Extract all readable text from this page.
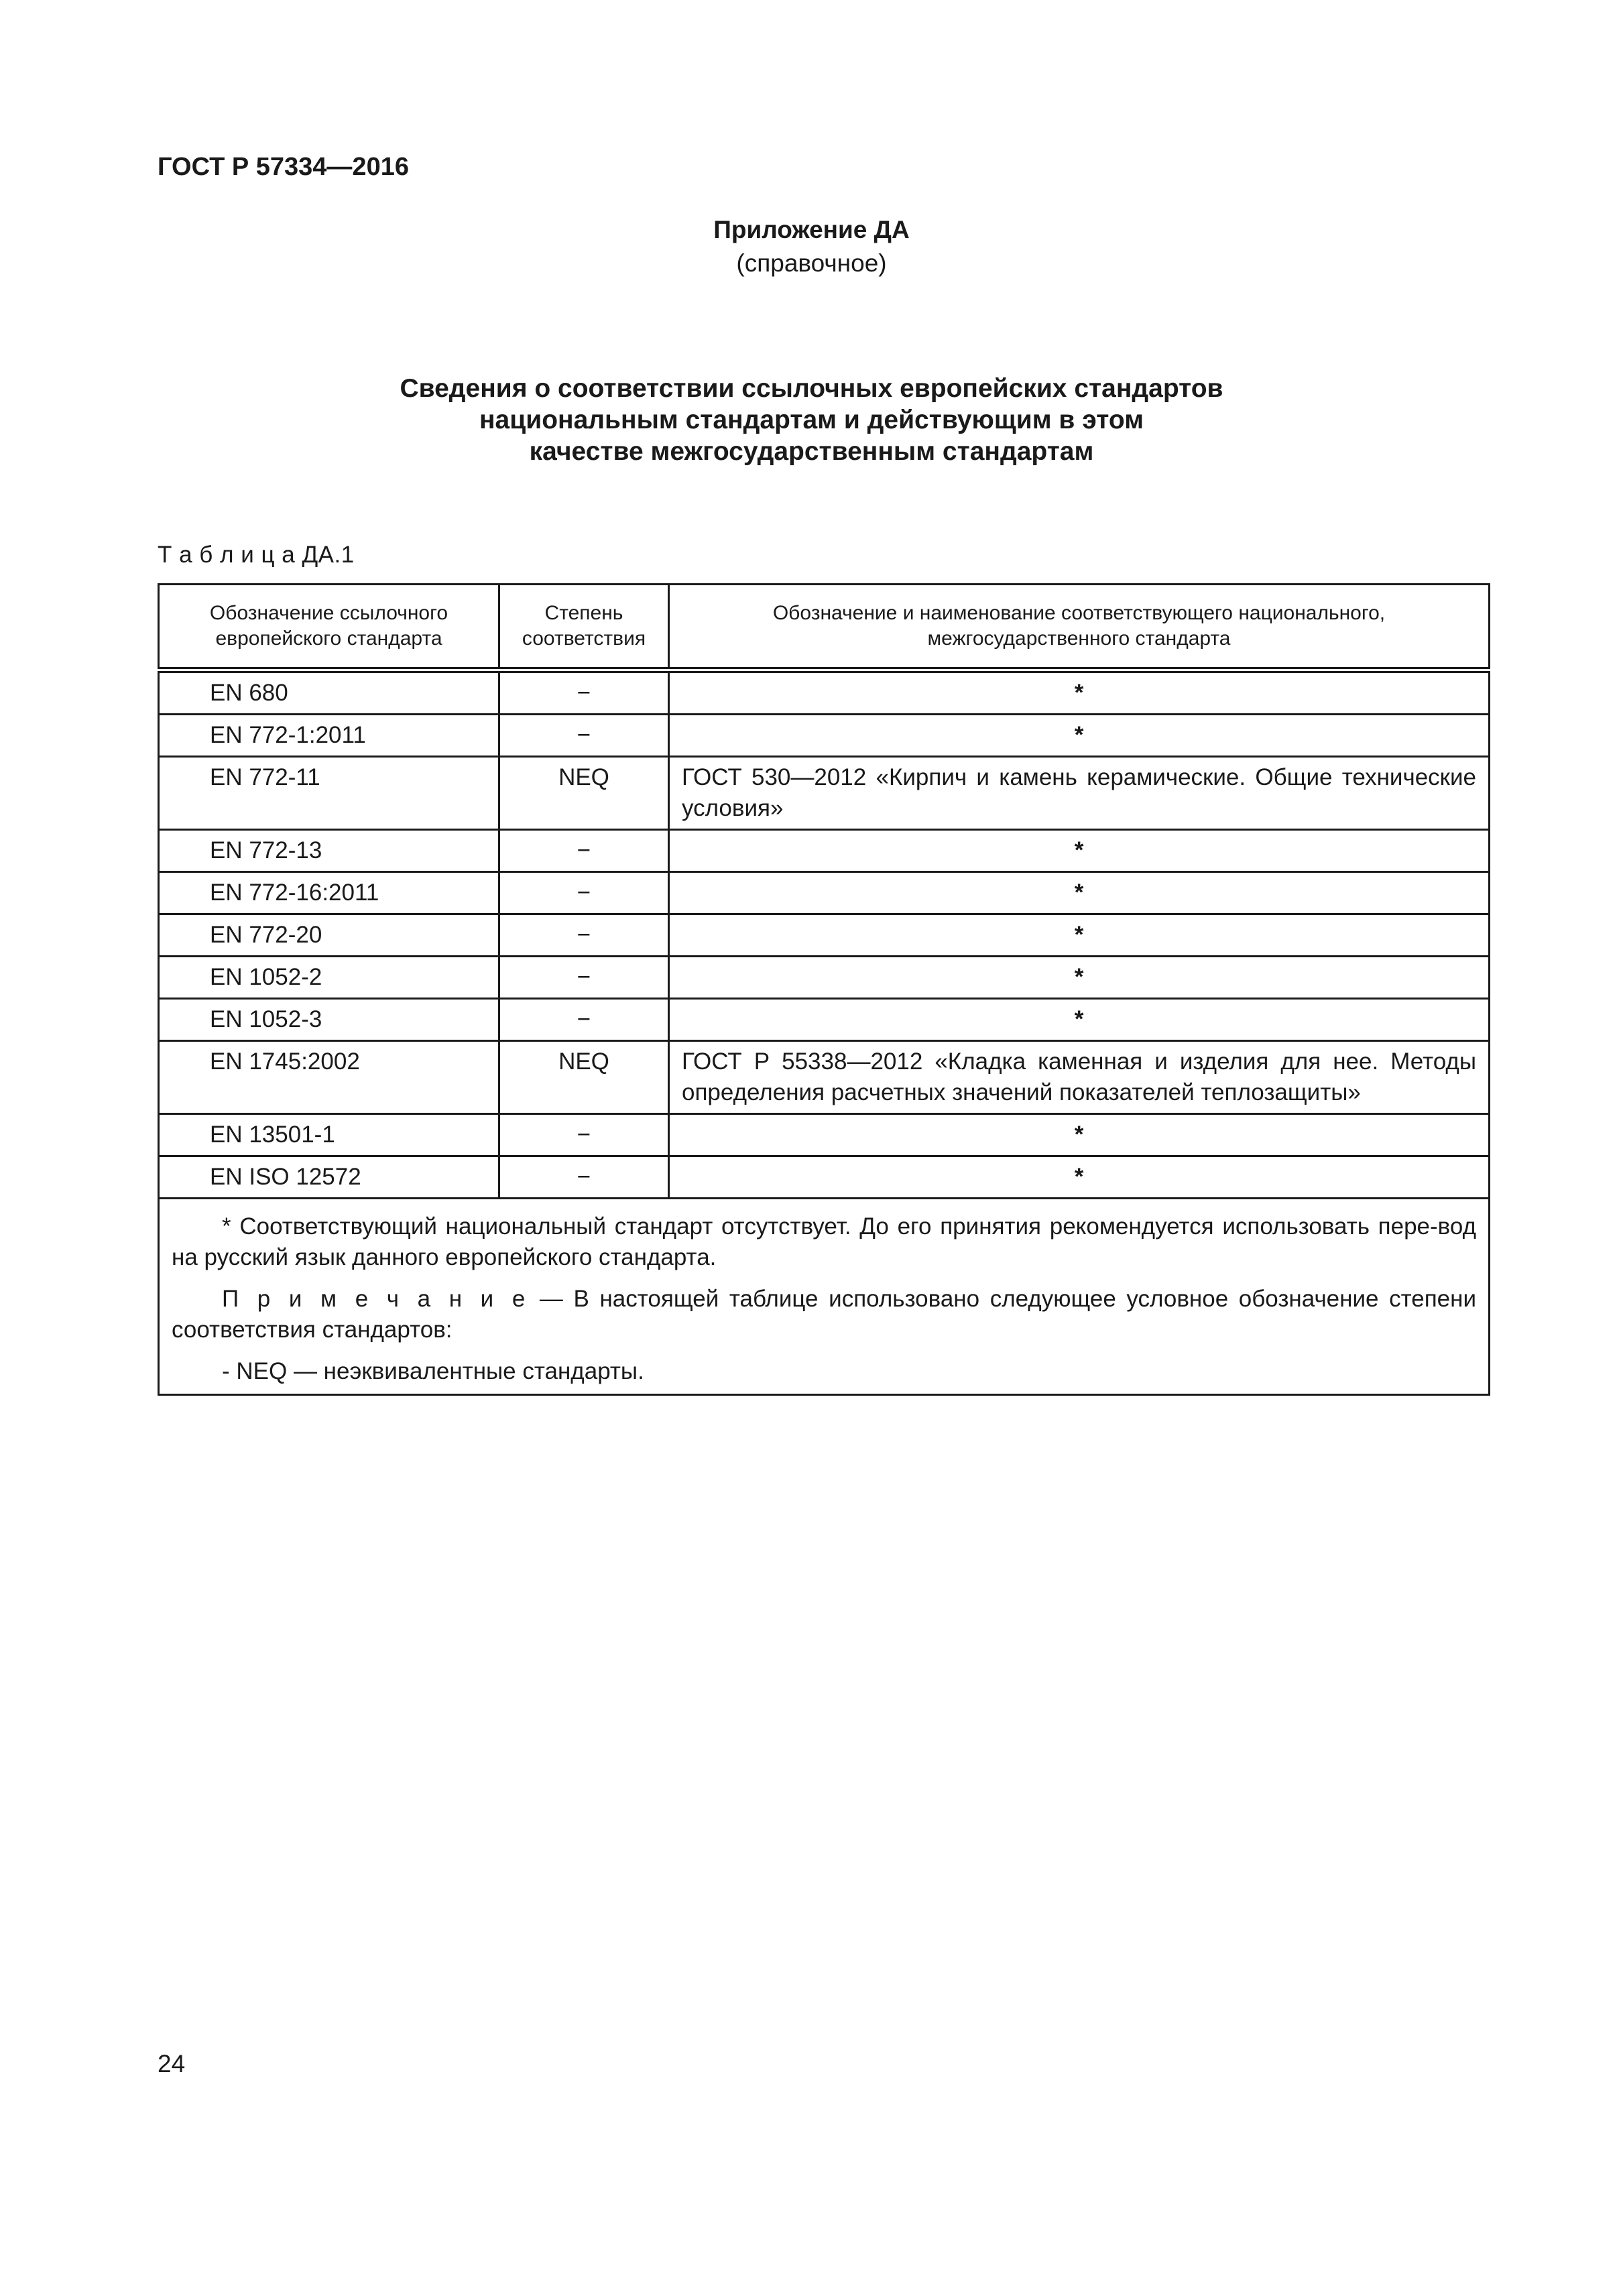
ГОСТ Р 57334—2016
Приложение ДА
(справочное)
Сведения о соответствии ссылочных европейских стандартов
национальным стандартам и действующим в этом
качестве межгосударственным стандартам
Т а б л и ц а ДА.1
Обозначение ссылочного европейского стандарта	Степень соответствия	Обозначение и наименование соответствующего национального, межгосударственного стандарта
EN 680	−	*
EN 772-1:2011	−	*
EN 772-11	NEQ	ГОСТ 530—2012 «Кирпич и камень керамические. Общие технические условия»
EN 772-13	−	*
EN 772-16:2011	−	*
EN 772-20	−	*
EN 1052-2	−	*
EN 1052-3	−	*
EN 1745:2002	NEQ	ГОСТ Р 55338—2012 «Кладка каменная и изделия для нее. Методы определения расчетных значений показателей теплозащиты»
EN 13501-1	−	*
EN ISO 12572	−	*

* Соответствующий национальный стандарт отсутствует. До его принятия рекомендуется использовать пере-вод на русский язык данного европейского стандарта.

П р и м е ч а н и е — В настоящей таблице использовано следующее условное обозначение степени соответствия стандартов:

- NEQ — неэквивалентные стандарты.		

24
